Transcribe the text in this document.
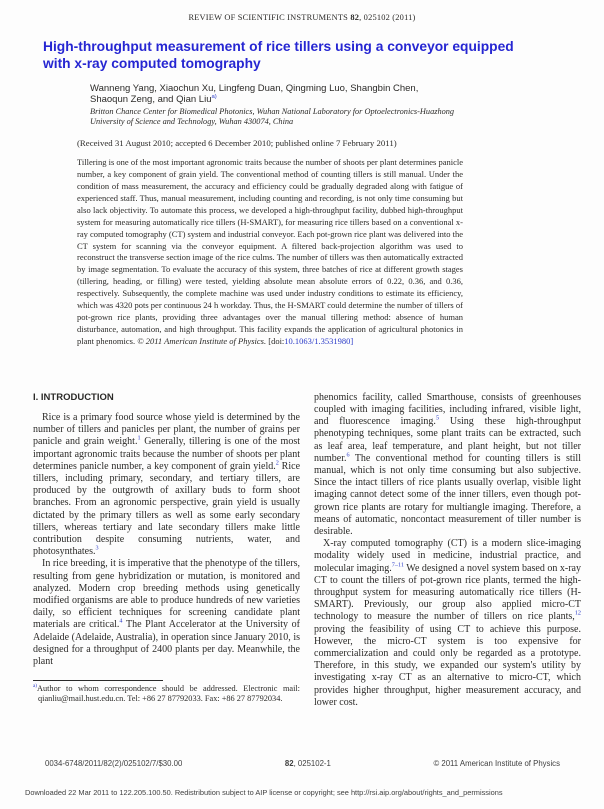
REVIEW OF SCIENTIFIC INSTRUMENTS 82, 025102 (2011)
High-throughput measurement of rice tillers using a conveyor equipped
with x-ray computed tomography
Wanneng Yang, Xiaochun Xu, Lingfeng Duan, Qingming Luo, Shangbin Chen,
Shaoqun Zeng, and Qian Liu$^{a)}$
Britton Chance Center for Biomedical Photonics, Wuhan National Laboratory for Optoelectronics-Huazhong
University of Science and Technology, Wuhan 430074, China
(Received 31 August 2010; accepted 6 December 2010; published online 7 February 2011)
Tillering is one of the most important agronomic traits because the number of shoots per plant determines panicle number, a key component of grain yield. The conventional method of counting tillers is still manual. Under the condition of mass measurement, the accuracy and efficiency could be gradually degraded along with fatigue of experienced staff. Thus, manual measurement, including counting and recording, is not only time consuming but also lack objectivity. To automate this process, we developed a high-throughput facility, dubbed high-throughput system for measuring automatically rice tillers (H-SMART), for measuring rice tillers based on a conventional x-ray computed tomography (CT) system and industrial conveyor. Each pot-grown rice plant was delivered into the CT system for scanning via the conveyor equipment. A filtered back-projection algorithm was used to reconstruct the transverse section image of the rice culms. The number of tillers was then automatically extracted by image segmentation. To evaluate the accuracy of this system, three batches of rice at different growth stages (tillering, heading, or filling) were tested, yielding absolute mean absolute errors of 0.22, 0.36, and 0.36, respectively. Subsequently, the complete machine was used under industry conditions to estimate its efficiency, which was 4320 pots per continuous 24 h workday. Thus, the H-SMART could determine the number of tillers of pot-grown rice plants, providing three advantages over the manual tillering method: absence of human disturbance, automation, and high throughput. This facility expands the application of agricultural photonics in plant phenomics. © 2011 American Institute of Physics. [doi:10.1063/1.3531980]
I. INTRODUCTION

Rice is a primary food source whose yield is determined by the number of tillers and panicles per plant, the number of grains per panicle and grain weight.$^1$ Generally, tillering is one of the most important agronomic traits because the number of shoots per plant determines panicle number, a key component of grain yield.$^2$ Rice tillers, including primary, secondary, and tertiary tillers, are produced by the outgrowth of axillary buds to form shoot branches. From an agronomic perspective, grain yield is usually dictated by the primary tillers as well as some early secondary tillers, whereas tertiary and late secondary tillers make little contribution despite consuming nutrients, water, and photosynthates.$^3$

In rice breeding, it is imperative that the phenotype of the tillers, resulting from gene hybridization or mutation, is monitored and analyzed. Modern crop breeding methods using genetically modified organisms are able to produce hundreds of new varieties daily, so efficient techniques for screening candidate plant materials are critical.$^4$ The Plant Accelerator at the University of Adelaide (Adelaide, Australia), in operation since January 2010, is designed for a throughput of 2400 plants per day. Meanwhile, the plant

$^{a)}$Author to whom correspondence should be addressed. Electronic mail: qianliu@mail.hust.edu.cn. Tel: +86 27 87792033. Fax: +86 27 87792034.

phenomics facility, called Smarthouse, consists of greenhouses coupled with imaging facilities, including infrared, visible light, and fluorescence imaging.$^5$ Using these high-throughput phenotyping techniques, some plant traits can be extracted, such as leaf area, leaf temperature, and plant height, but not tiller number.$^6$ The conventional method for counting tillers is still manual, which is not only time consuming but also subjective. Since the intact tillers of rice plants usually overlap, visible light imaging cannot detect some of the inner tillers, even though pot-grown rice plants are rotary for multiangle imaging. Therefore, a means of automatic, noncontact measurement of tiller number is desirable.

X-ray computed tomography (CT) is a modern slice-imaging modality widely used in medicine, industrial practice, and molecular imaging.$^{7-11}$ We designed a novel system based on x-ray CT to count the tillers of pot-grown rice plants, termed the high-throughput system for measuring automatically rice tillers (H-SMART). Previously, our group also applied micro-CT technology to measure the number of tillers on rice plants,$^{12}$ proving the feasibility of using CT to achieve this purpose. However, the micro-CT system is too expensive for commercialization and could only be regarded as a prototype. Therefore, in this study, we expanded our system's utility by investigating x-ray CT as an alternative to micro-CT, which provides higher throughput, higher measurement accuracy, and lower cost.

0034-6748/2011/82(2)/025102/7/$30.00	82, 025102-1	© 2011 American Institute of Physics
Downloaded 22 Mar 2011 to 122.205.100.50. Redistribution subject to AIP license or copyright; see http://rsi.aip.org/about/rights_and_permissions
